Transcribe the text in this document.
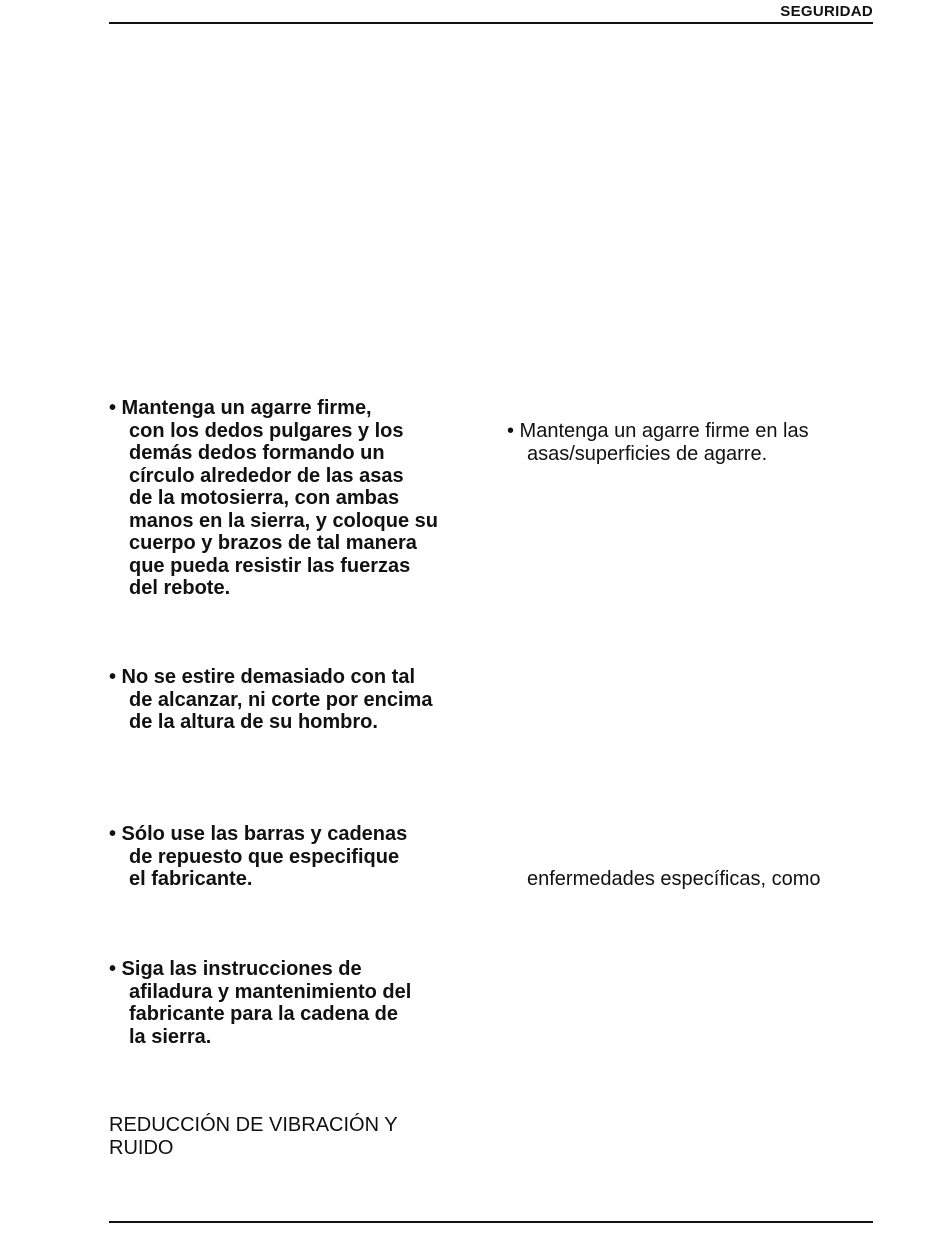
SEGURIDAD
• Mantenga un agarre firme,
con los dedos pulgares y los
demás dedos formando un
círculo alrededor de las asas
de la motosierra, con ambas
manos en la sierra, y coloque su
cuerpo y brazos de tal manera
que pueda resistir las fuerzas
del rebote.
• No se estire demasiado con tal
de alcanzar, ni corte por encima
de la altura de su hombro.
• Sólo use las barras y cadenas
de repuesto que especifique
el fabricante.
• Siga las instrucciones de
afiladura y mantenimiento del
fabricante para la cadena de
la sierra.
REDUCCIÓN DE VIBRACIÓN Y
RUIDO
• Mantenga un agarre firme en las
asas/superficies de agarre.
enfermedades específicas, como
